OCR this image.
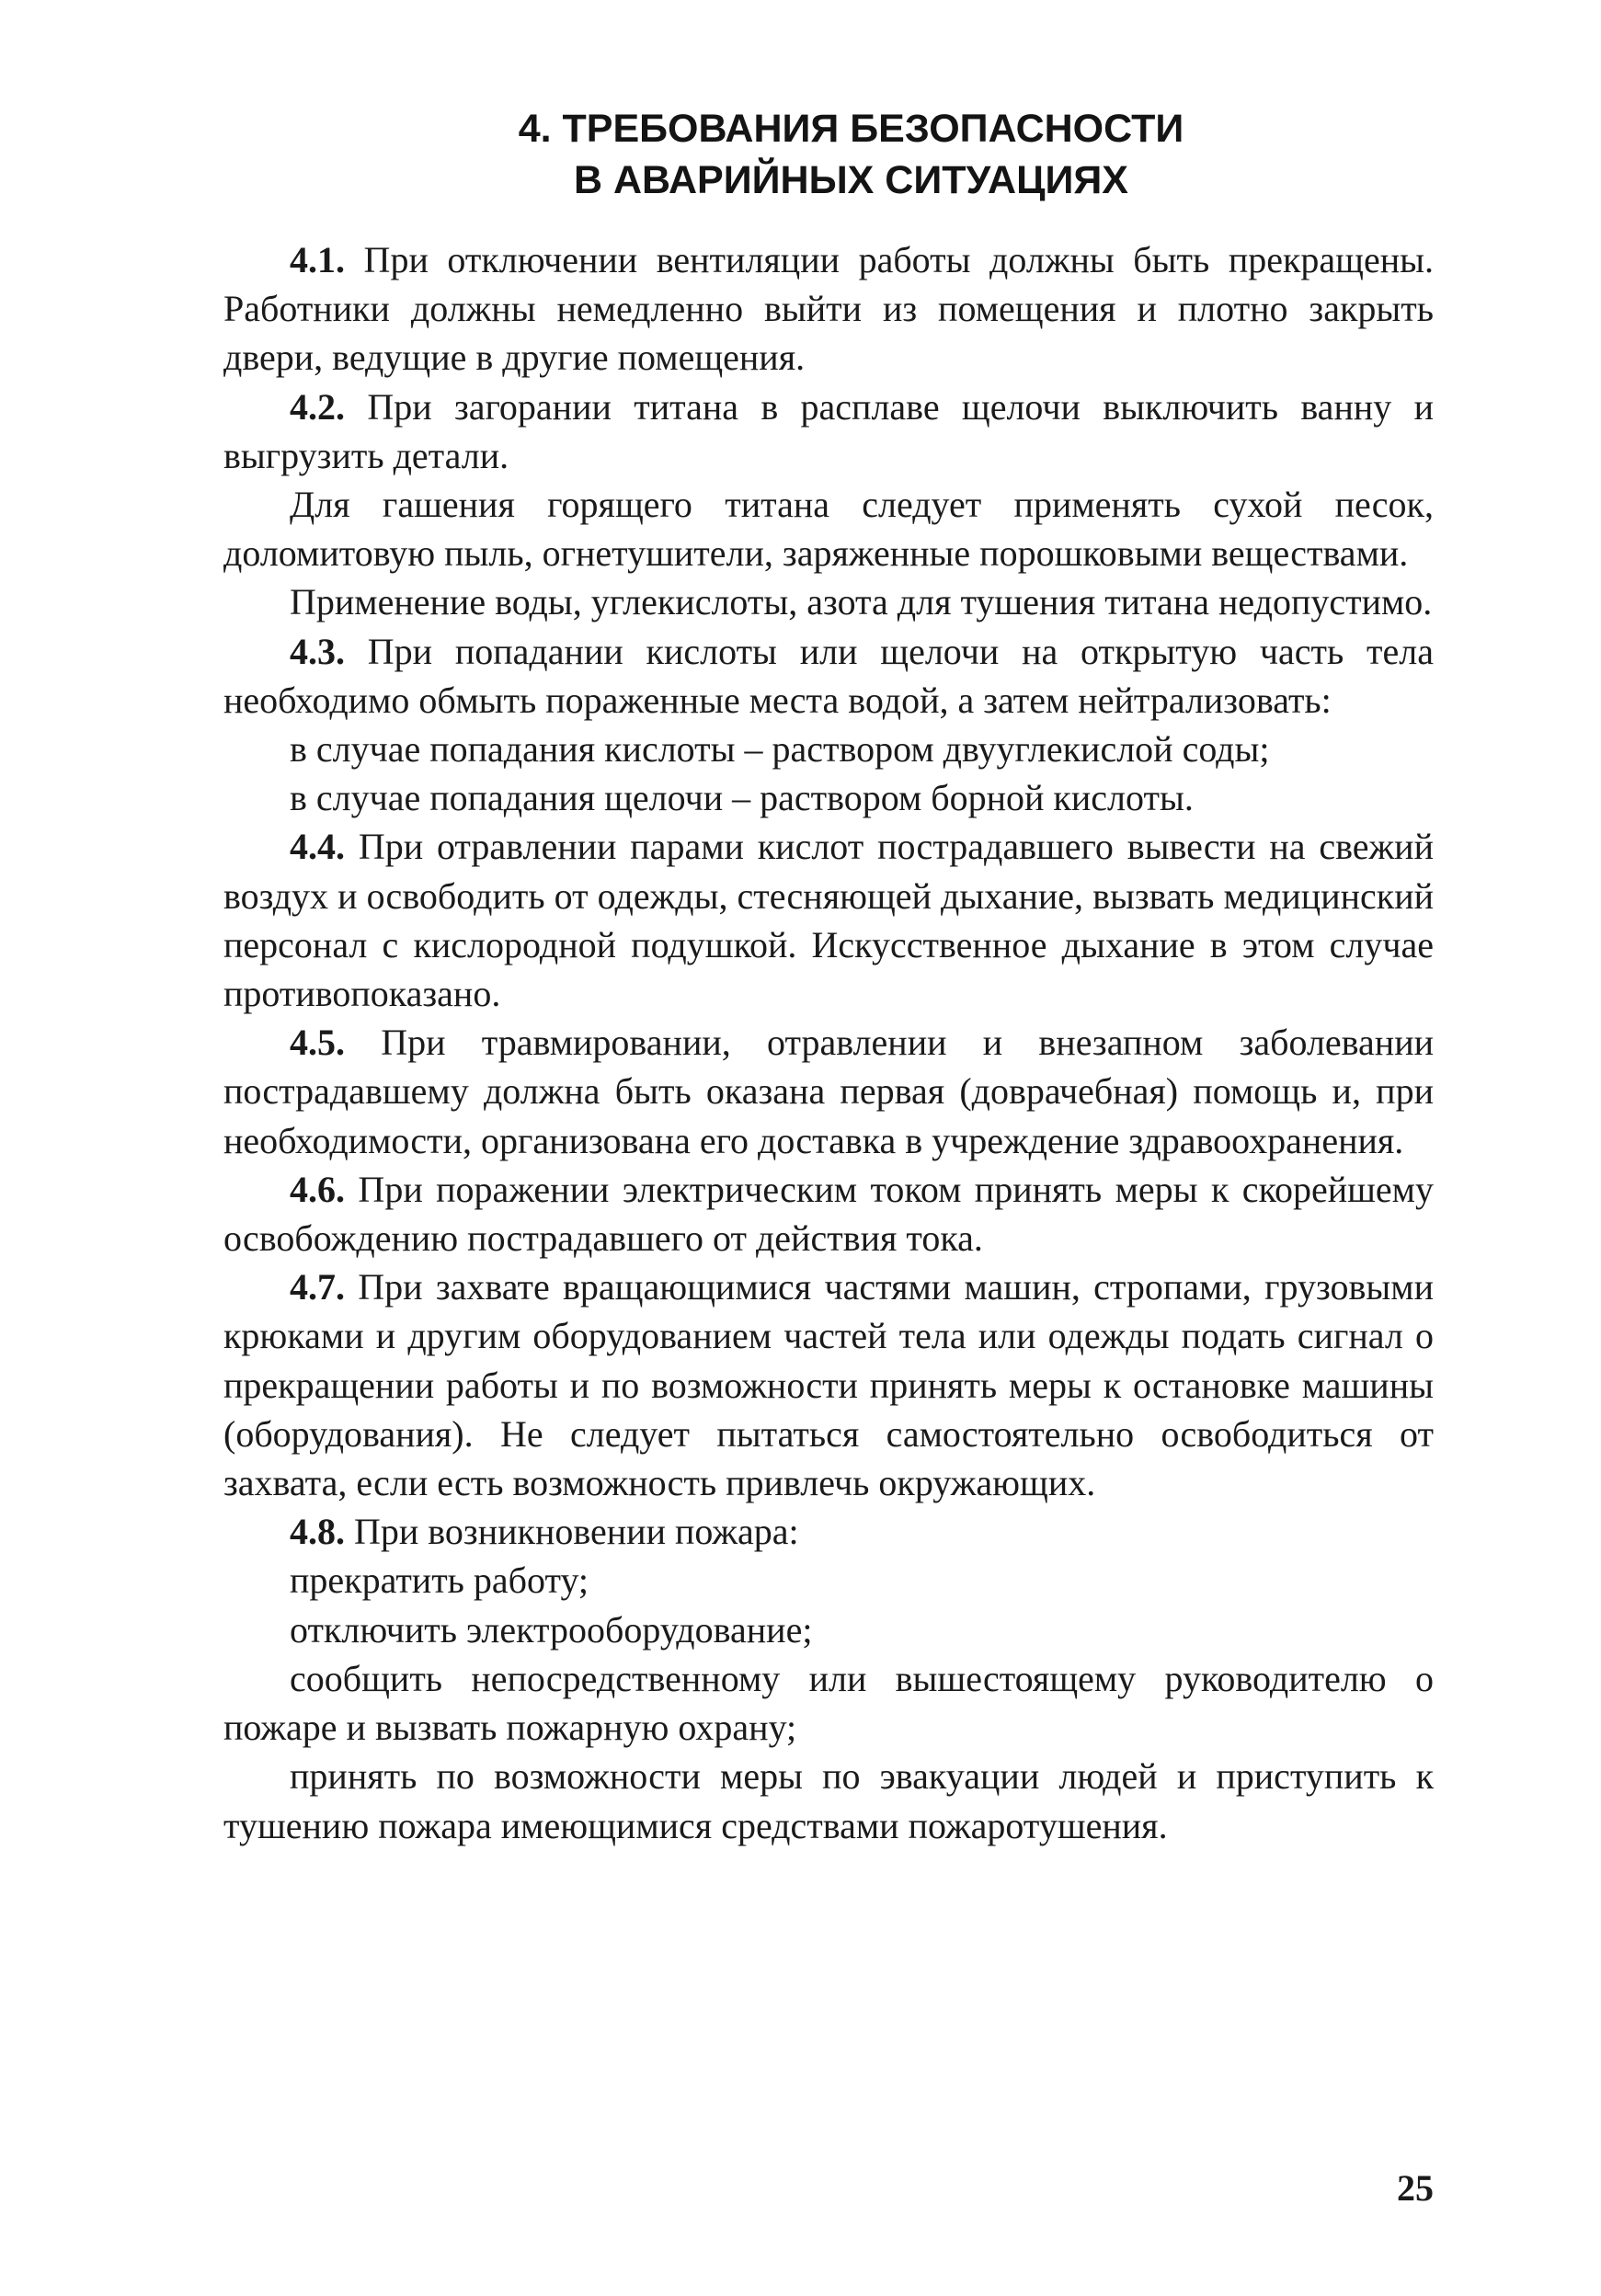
4. ТРЕБОВАНИЯ БЕЗОПАСНОСТИ
В АВАРИЙНЫХ СИТУАЦИЯХ

4.1. При отключении вентиляции работы должны быть прекращены. Работники должны немедленно выйти из помещения и плотно закрыть двери, ведущие в другие помещения.

4.2. При загорании титана в расплаве щелочи выключить ванну и выгрузить детали.

Для гашения горящего титана следует применять сухой песок, доломитовую пыль, огнетушители, заряженные порошковыми веществами.

Применение воды, углекислоты, азота для тушения титана недопустимо.

4.3. При попадании кислоты или щелочи на открытую часть тела необходимо обмыть пораженные места водой, а затем нейтрализовать:

в случае попадания кислоты – раствором двууглекислой соды;

в случае попадания щелочи – раствором борной кислоты.

4.4. При отравлении парами кислот пострадавшего вывести на свежий воздух и освободить от одежды, стесняющей дыхание, вызвать медицинский персонал с кислородной подушкой. Искусственное дыхание в этом случае противопоказано.

4.5. При травмировании, отравлении и внезапном заболевании пострадавшему должна быть оказана первая (доврачебная) помощь и, при необходимости, организована его доставка в учреждение здравоохранения.

4.6. При поражении электрическим током принять меры к скорейшему освобождению пострадавшего от действия тока.

4.7. При захвате вращающимися частями машин, стропами, грузовыми крюками и другим оборудованием частей тела или одежды подать сигнал о прекращении работы и по возможности принять меры к остановке машины (оборудования). Не следует пытаться самостоятельно освободиться от захвата, если есть возможность привлечь окружающих.

4.8. При возникновении пожара:

прекратить работу;

отключить электрооборудование;

сообщить непосредственному или вышестоящему руководителю о пожаре и вызвать пожарную охрану;

принять по возможности меры по эвакуации людей и приступить к тушению пожара имеющимися средствами пожаротушения.

25
